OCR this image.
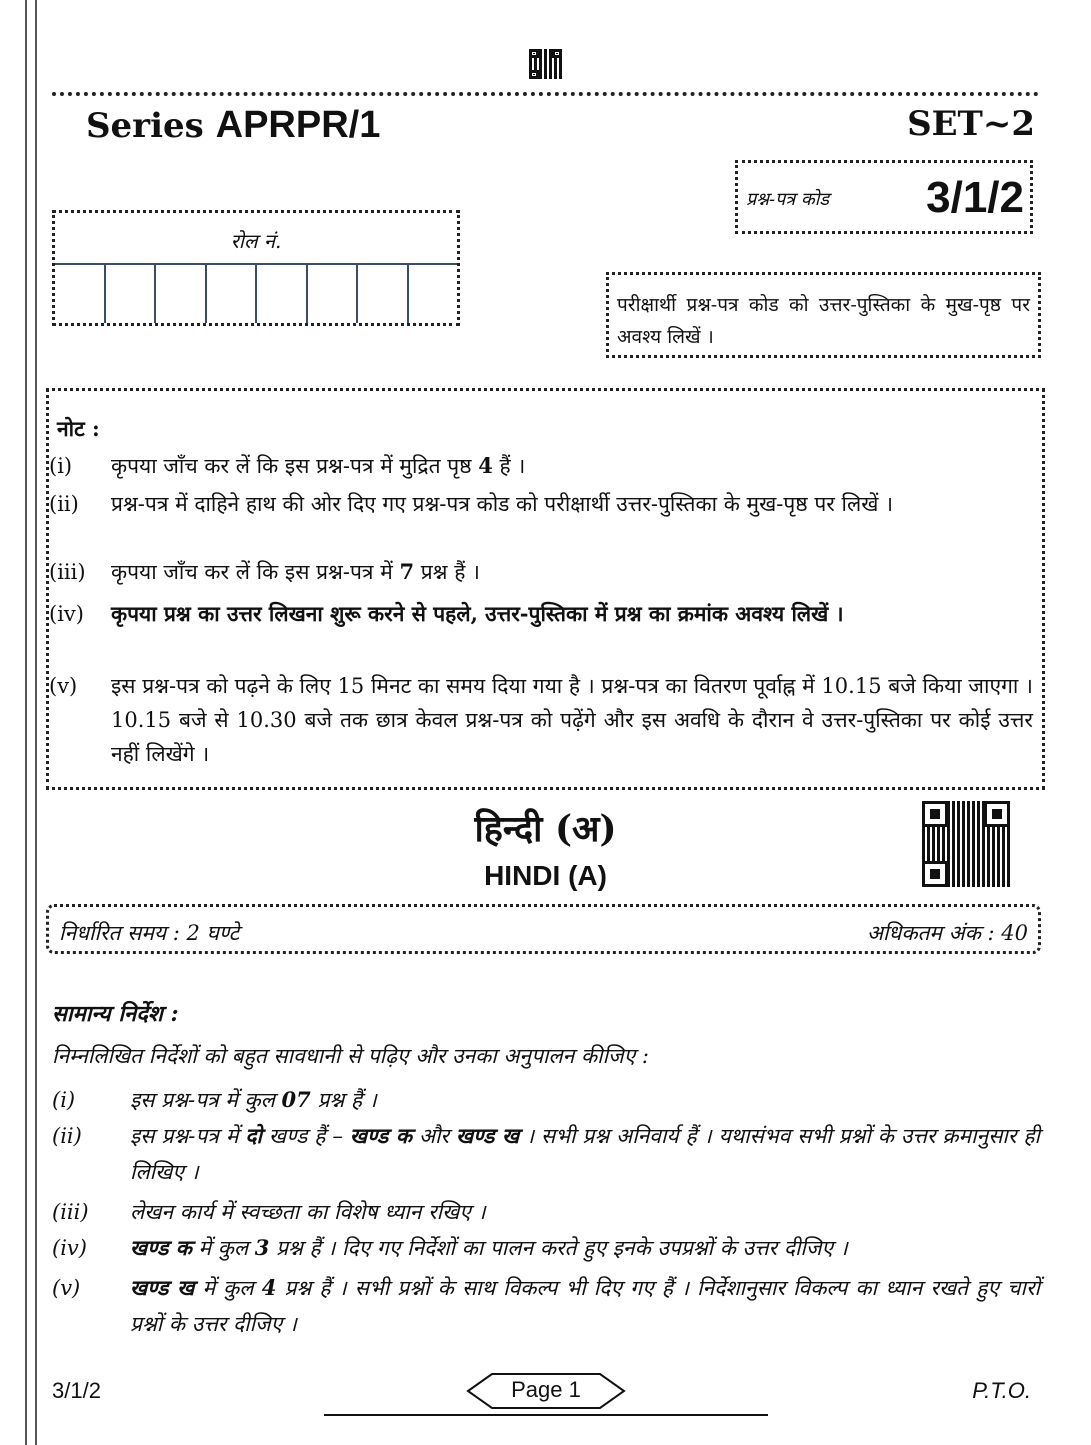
Series APRPR/1	SET~2
प्रश्न-पत्र कोड 3/1/2
रोल नं.
परीक्षार्थी प्रश्न-पत्र कोड को उत्तर-पुस्तिका के मुख-पृष्ठ पर अवश्य लिखें ।
नोट :
(i)	कृपया जाँच कर लें कि इस प्रश्न-पत्र में मुद्रित पृष्ठ 4 हैं ।
(ii)	प्रश्न-पत्र में दाहिने हाथ की ओर दिए गए प्रश्न-पत्र कोड को परीक्षार्थी उत्तर-पुस्तिका के मुख-पृष्ठ पर लिखें ।
(iii)	कृपया जाँच कर लें कि इस प्रश्न-पत्र में 7 प्रश्न हैं ।
(iv)	कृपया प्रश्न का उत्तर लिखना शुरू करने से पहले, उत्तर-पुस्तिका में प्रश्न का क्रमांक अवश्य लिखें ।
(v)	इस प्रश्न-पत्र को पढ़ने के लिए 15 मिनट का समय दिया गया है । प्रश्न-पत्र का वितरण पूर्वाह्न में 10.15 बजे किया जाएगा । 10.15 बजे से 10.30 बजे तक छात्र केवल प्रश्न-पत्र को पढ़ेंगे और इस अवधि के दौरान वे उत्तर-पुस्तिका पर कोई उत्तर नहीं लिखेंगे ।
हिन्दी (अ)
HINDI (A)
निर्धारित समय : 2 घण्टे	अधिकतम अंक : 40
सामान्य निर्देश :
निम्नलिखित निर्देशों को बहुत सावधानी से पढ़िए और उनका अनुपालन कीजिए :
(i)	इस प्रश्न-पत्र में कुल 07 प्रश्न हैं ।
(ii)	इस प्रश्न-पत्र में दो खण्ड हैं – खण्ड क और खण्ड ख । सभी प्रश्न अनिवार्य हैं । यथासंभव सभी प्रश्नों के उत्तर क्रमानुसार ही लिखिए ।
(iii)	लेखन कार्य में स्वच्छता का विशेष ध्यान रखिए ।
(iv)	खण्ड क में कुल 3 प्रश्न हैं । दिए गए निर्देशों का पालन करते हुए इनके उपप्रश्नों के उत्तर दीजिए ।
(v)	खण्ड ख में कुल 4 प्रश्न हैं । सभी प्रश्नों के साथ विकल्प भी दिए गए हैं । निर्देशानुसार विकल्प का ध्यान रखते हुए चारों प्रश्नों के उत्तर दीजिए ।
3/1/2	Page 1	P.T.O.
